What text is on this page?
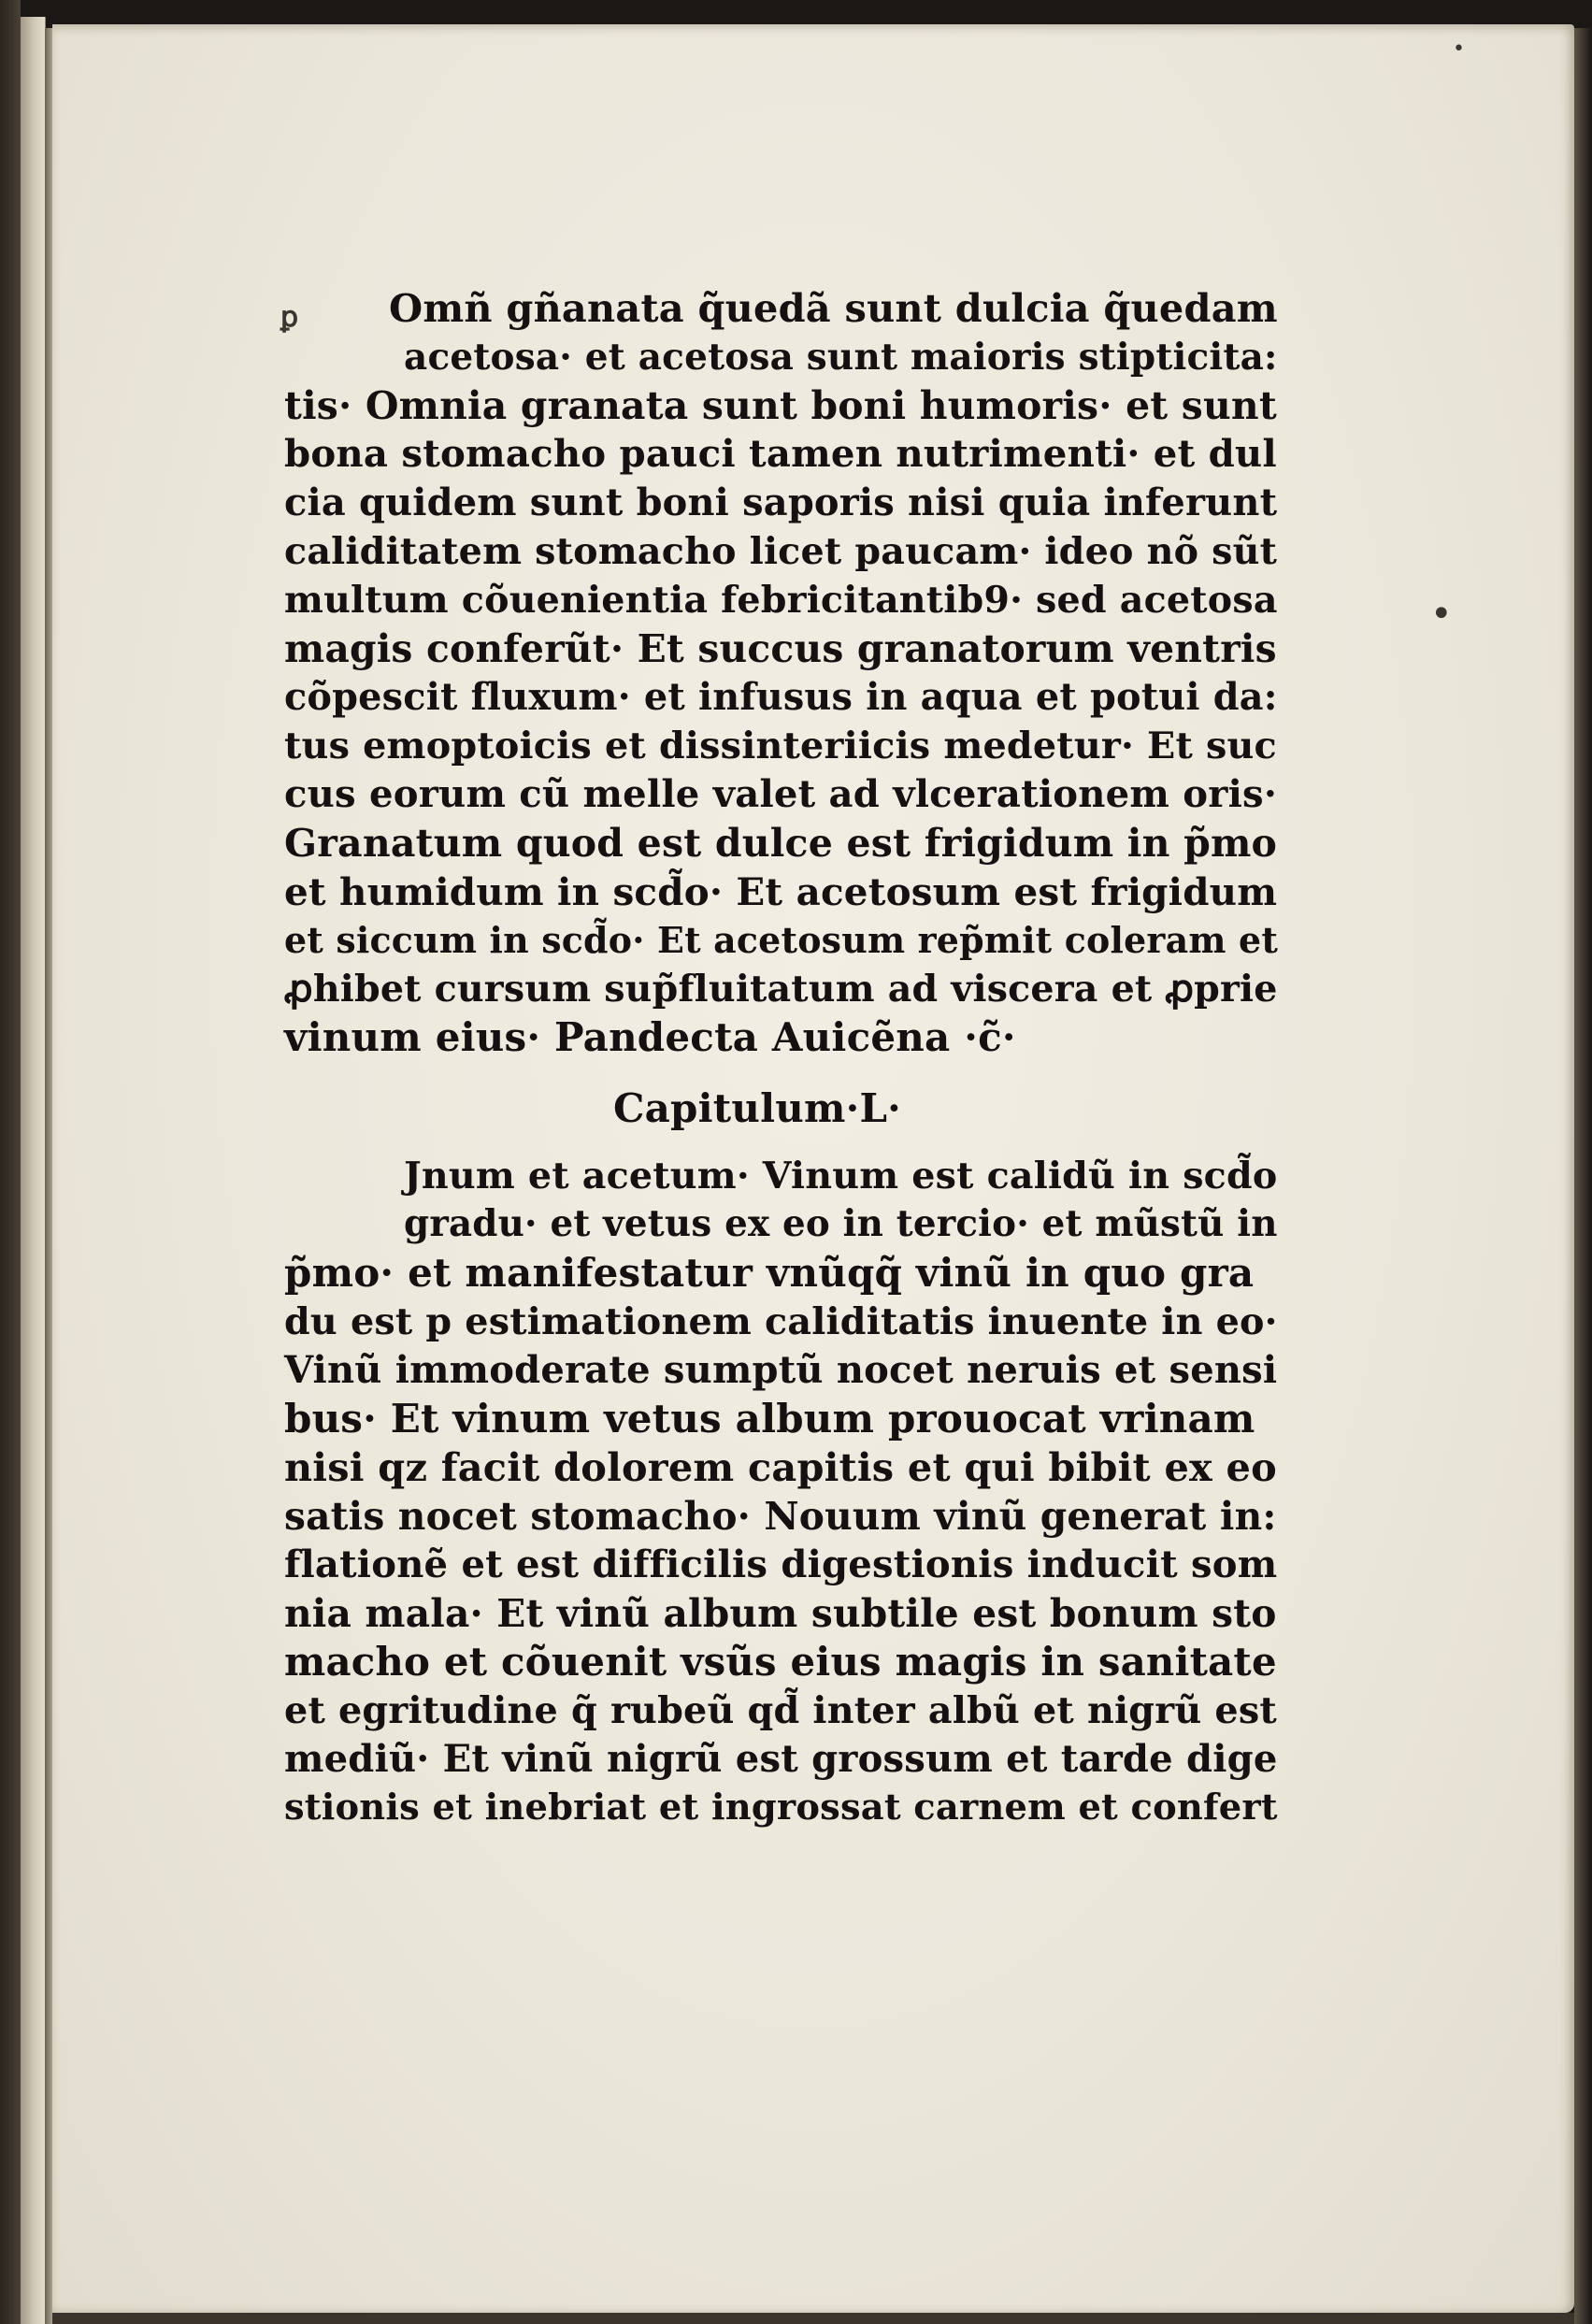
ꝑ
•
•
Omñ gñanata q̃uedã sunt dulcia q̃uedam
acetosa· et acetosa sunt maioris stipticita:
tis· Omnia granata sunt boni humoris· et sunt
bona stomacho pauci tamen nutrimenti· et dul
cia quidem sunt boni saporis nisi quia inferunt
caliditatem stomacho licet paucam· ideo nõ sũt
multum cõuenientia febricitantib9· sed acetosa
magis conferũt· Et succus granatorum ventris
cõpescit fluxum· et infusus in aqua et potui da:
tus emoptoicis et dissinteriicis medetur· Et suc
cus eorum cũ melle valet ad vlcerationem oris·
Granatum quod est dulce est frigidum in p̃mo
et humidum in scd̃o· Et acetosum est frigidum
et siccum in scd̃o· Et acetosum rep̃mit coleram et
ꝓhibet cursum sup̃fluitatum ad viscera et ꝓprie
vinum eius· Pandecta Auicẽna ·c̃·
Capitulum·L·
Jnum et acetum· Vinum est calidũ in scd̃o
gradu· et vetus ex eo in tercio· et mũstũ in
p̃mo· et manifestatur vnũqq̃ vinũ in quo gra
du est p estimationem caliditatis inuente in eo·
Vinũ immoderate sumptũ nocet neruis et sensi
bus· Et vinum vetus album prouocat vrinam
nisi qz facit dolorem capitis et qui bibit ex eo
satis nocet stomacho· Nouum vinũ generat in:
flationẽ et est difficilis digestionis inducit som
nia mala· Et vinũ album subtile est bonum sto
macho et cõuenit vsũs eius magis in sanitate
et egritudine q̃ rubeũ qd̃ inter albũ et nigrũ est
mediũ· Et vinũ nigrũ est grossum et tarde dige
stionis et inebriat et ingrossat carnem et confert
